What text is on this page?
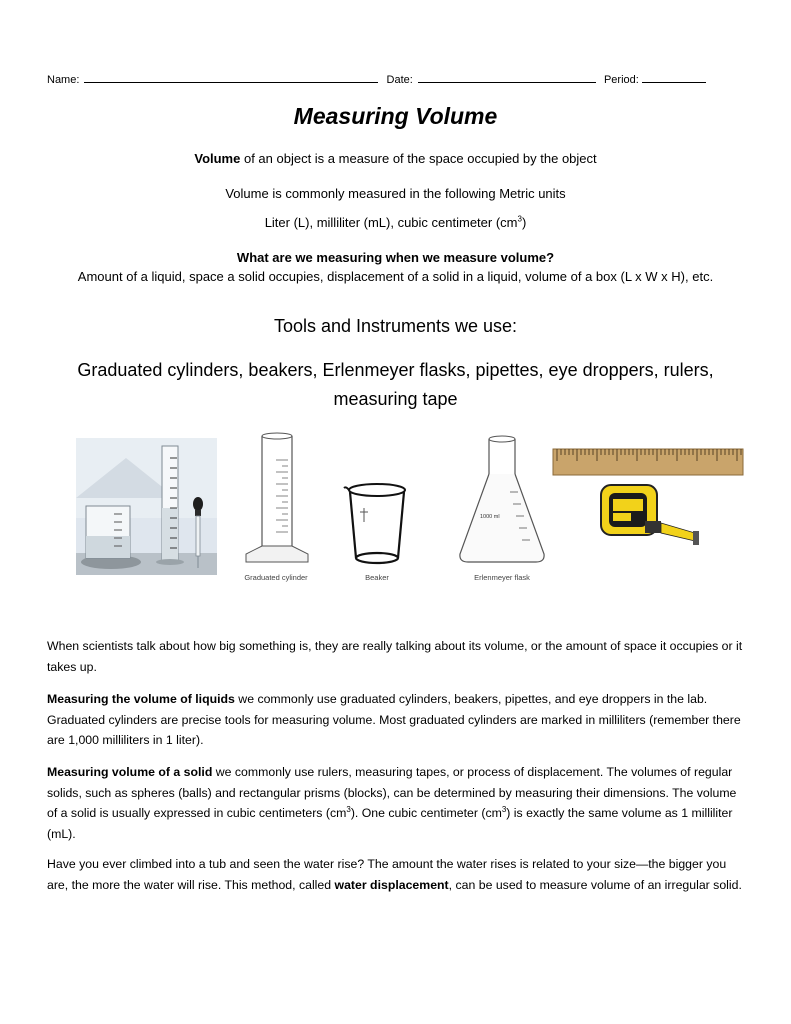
Name:	Date:	Period:
Measuring Volume
Volume of an object is a measure of the space occupied by the object
Volume is commonly measured in the following Metric units
Liter (L), milliliter (mL), cubic centimeter $(cm^3)$
What are we measuring when we measure volume?
Amount of a liquid, space a solid occupies, displacement of a solid in a liquid, volume of a box (L x W x H), etc.
Tools and Instruments we use:
Graduated cylinders, beakers, Erlenmeyer flasks, pipettes, eye droppers, rulers, measuring tape
Graduated cylinder	Beaker
1000 ml
Erlenmeyer flask
When scientists talk about how big something is, they are really talking about its volume, or the amount of space it occupies or it takes up.
Measuring the volume of liquids we commonly use graduated cylinders, beakers, pipettes, and eye droppers in the lab. Graduated cylinders are precise tools for measuring volume. Most graduated cylinders are marked in milliliters (remember there are 1,000 milliliters in 1 liter).
Measuring volume of a solid we commonly use rulers, measuring tapes, or process of displacement. The volumes of regular solids, such as spheres (balls) and rectangular prisms (blocks), can be determined by measuring their dimensions. The volume of a solid is usually expressed in cubic centimeters $(cm^3)$. One cubic centimeter $(cm^3)$ is exactly the same volume as 1 milliliter (mL).
Have you ever climbed into a tub and seen the water rise? The amount the water rises is related to your size—the bigger you are, the more the water will rise. This method, called water displacement, can be used to measure volume of an irregular solid.
